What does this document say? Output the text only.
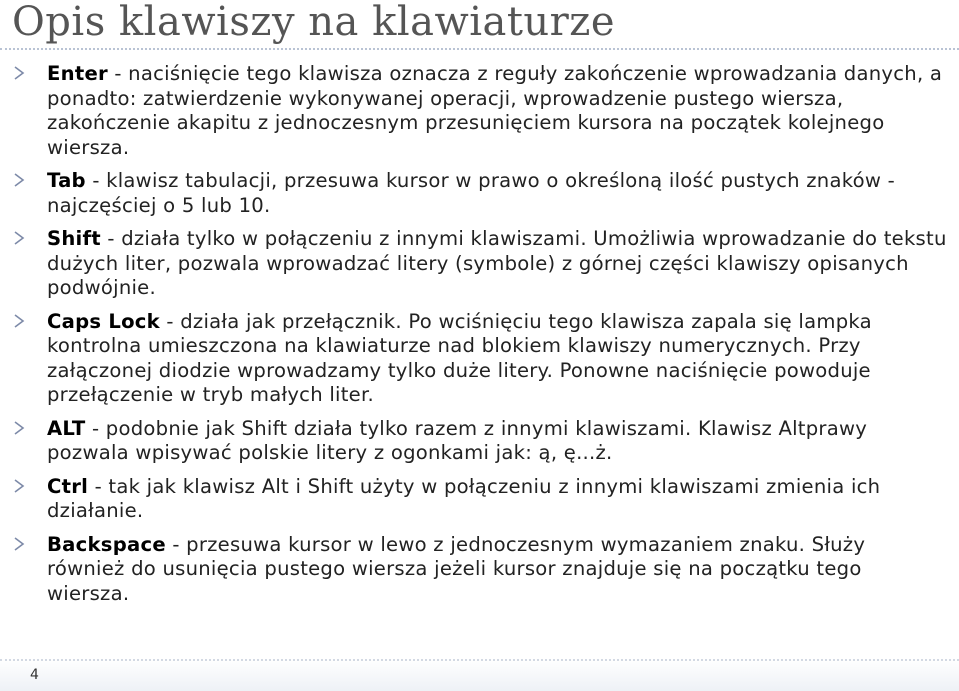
Opis klawiszy na klawiaturze
Enter - naciśnięcie tego klawisza oznacza z reguły zakończenie wprowadzania danych, a ponadto: zatwierdzenie wykonywanej operacji, wprowadzenie pustego wiersza, zakończenie akapitu z jednoczesnym przesunięciem kursora na początek kolejnego wiersza.
Tab - klawisz tabulacji, przesuwa kursor w prawo o określoną ilość pustych znaków - najczęściej o 5 lub 10.
Shift - działa tylko w połączeniu z innymi klawiszami. Umożliwia wprowadzanie do tekstu dużych liter, pozwala wprowadzać litery (symbole) z górnej części klawiszy opisanych podwójnie.
Caps Lock - działa jak przełącznik. Po wciśnięciu tego klawisza zapala się lampka kontrolna umieszczona na klawiaturze nad blokiem klawiszy numerycznych. Przy załączonej diodzie wprowadzamy tylko duże litery. Ponowne naciśnięcie powoduje przełączenie w tryb małych liter.
ALT - podobnie jak Shift działa tylko razem z innymi klawiszami. Klawisz Altprawy pozwala wpisywać polskie litery z ogonkami jak: ą, ę...ż.
Ctrl - tak jak klawisz Alt i Shift użyty w połączeniu z innymi klawiszami zmienia ich działanie.
Backspace - przesuwa kursor w lewo z jednoczesnym wymazaniem znaku. Służy również do usunięcia pustego wiersza jeżeli kursor znajduje się na początku tego wiersza.
4
